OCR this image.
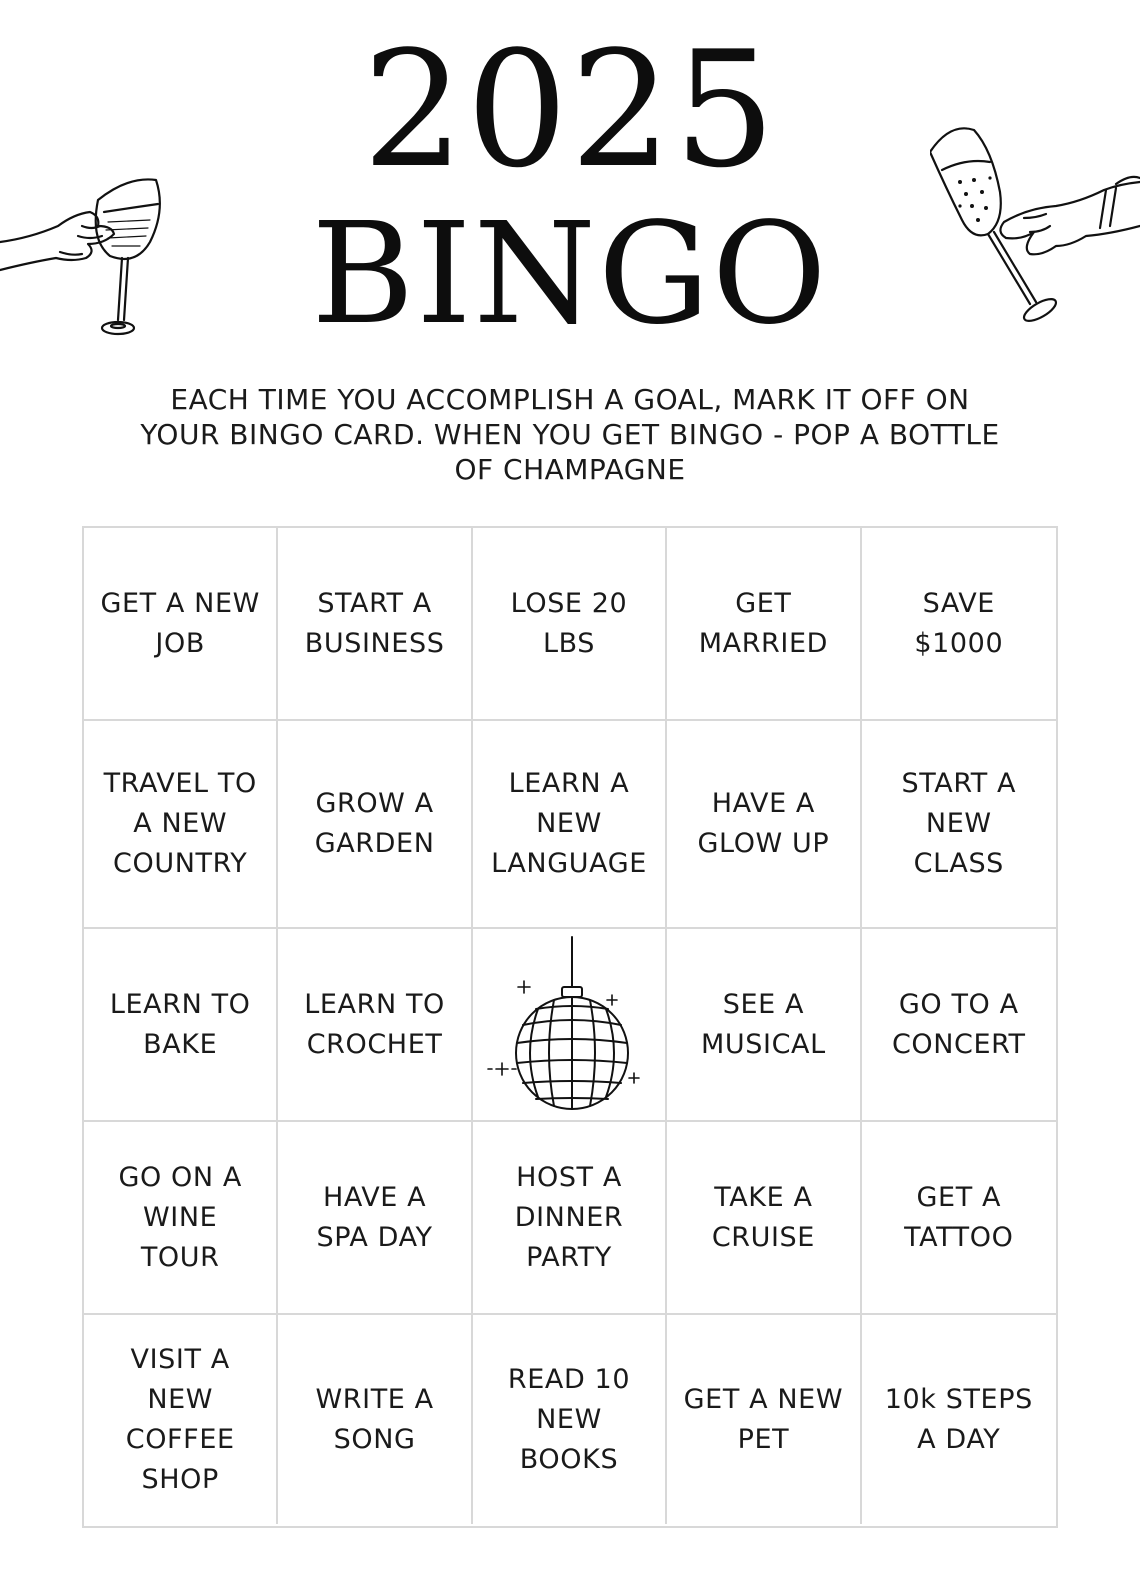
2025
BINGO
EACH TIME YOU ACCOMPLISH A GOAL, MARK IT OFF ON
YOUR BINGO CARD. WHEN YOU GET BINGO - POP A BOTTLE
OF CHAMPAGNE
GET A NEW
JOB
START A
BUSINESS
LOSE 20
LBS
GET
MARRIED
SAVE
$1000
TRAVEL TO
A NEW
COUNTRY
GROW A
GARDEN
LEARN A
NEW
LANGUAGE
HAVE A
GLOW UP
START A
NEW
CLASS
LEARN TO
BAKE
LEARN TO
CROCHET
SEE A
MUSICAL
GO TO A
CONCERT
GO ON A
WINE
TOUR
HAVE A
SPA DAY
HOST A
DINNER
PARTY
TAKE A
CRUISE
GET A
TATTOO
VISIT A
NEW
COFFEE
SHOP
WRITE A
SONG
READ 10
NEW
BOOKS
GET A NEW
PET
10k STEPS
A DAY
